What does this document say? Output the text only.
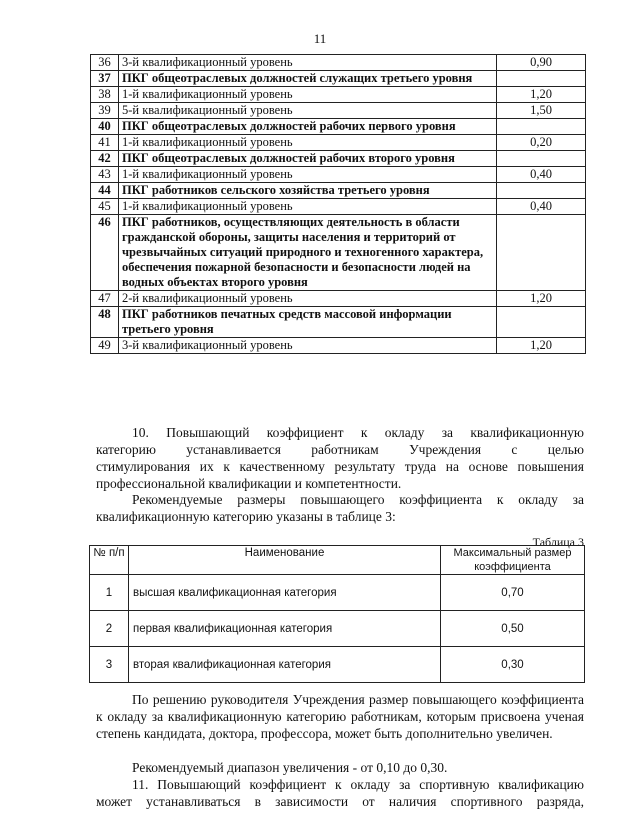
11
36	3-й квалификационный уровень	0,90
37	ПКГ общеотраслевых должностей служащих третьего уровня	
38	1-й квалификационный уровень	1,20
39	5-й квалификационный уровень	1,50
40	ПКГ общеотраслевых должностей рабочих первого уровня	
41	1-й квалификационный уровень	0,20
42	ПКГ общеотраслевых должностей рабочих второго уровня	
43	1-й квалификационный уровень	0,40
44	ПКГ работников сельского хозяйства третьего уровня	
45	1-й квалификационный уровень	0,40
46	ПКГ работников, осуществляющих деятельность в области гражданской обороны, защиты населения и территорий от чрезвычайных ситуаций природного и техногенного характера, обеспечения пожарной безопасности и безопасности людей на водных объектах второго уровня	
47	2-й квалификационный уровень	1,20
48	ПКГ работников печатных средств массовой информации третьего уровня	
49	3-й квалификационный уровень	1,20

10. Повышающий коэффициент к окладу за квалификационную

категорию устанавливается работникам Учреждения с целью
стимулирования их к качественному результату труда на основе повышения
профессиональной квалификации и компетентности.

Рекомендуемые размеры повышающего коэффициента к окладу за квалификационную категорию указаны в таблице 3:

Таблица 3
№ п/п	Наименование	Максимальный размер коэффициента
1	высшая квалификационная категория	0,70
2	первая квалификационная категория	0,50
3	вторая квалификационная категория	0,30

По решению руководителя Учреждения размер повышающего коэффициента к окладу за квалификационную категорию работникам, которым присвоена ученая степень кандидата, доктора, профессора, может быть дополнительно увеличен.

Рекомендуемый диапазон увеличения - от 0,10 до 0,30.

11. Повышающий коэффициент к окладу за спортивную квалификацию

может устанавливаться в зависимости от наличия спортивного разряда,
